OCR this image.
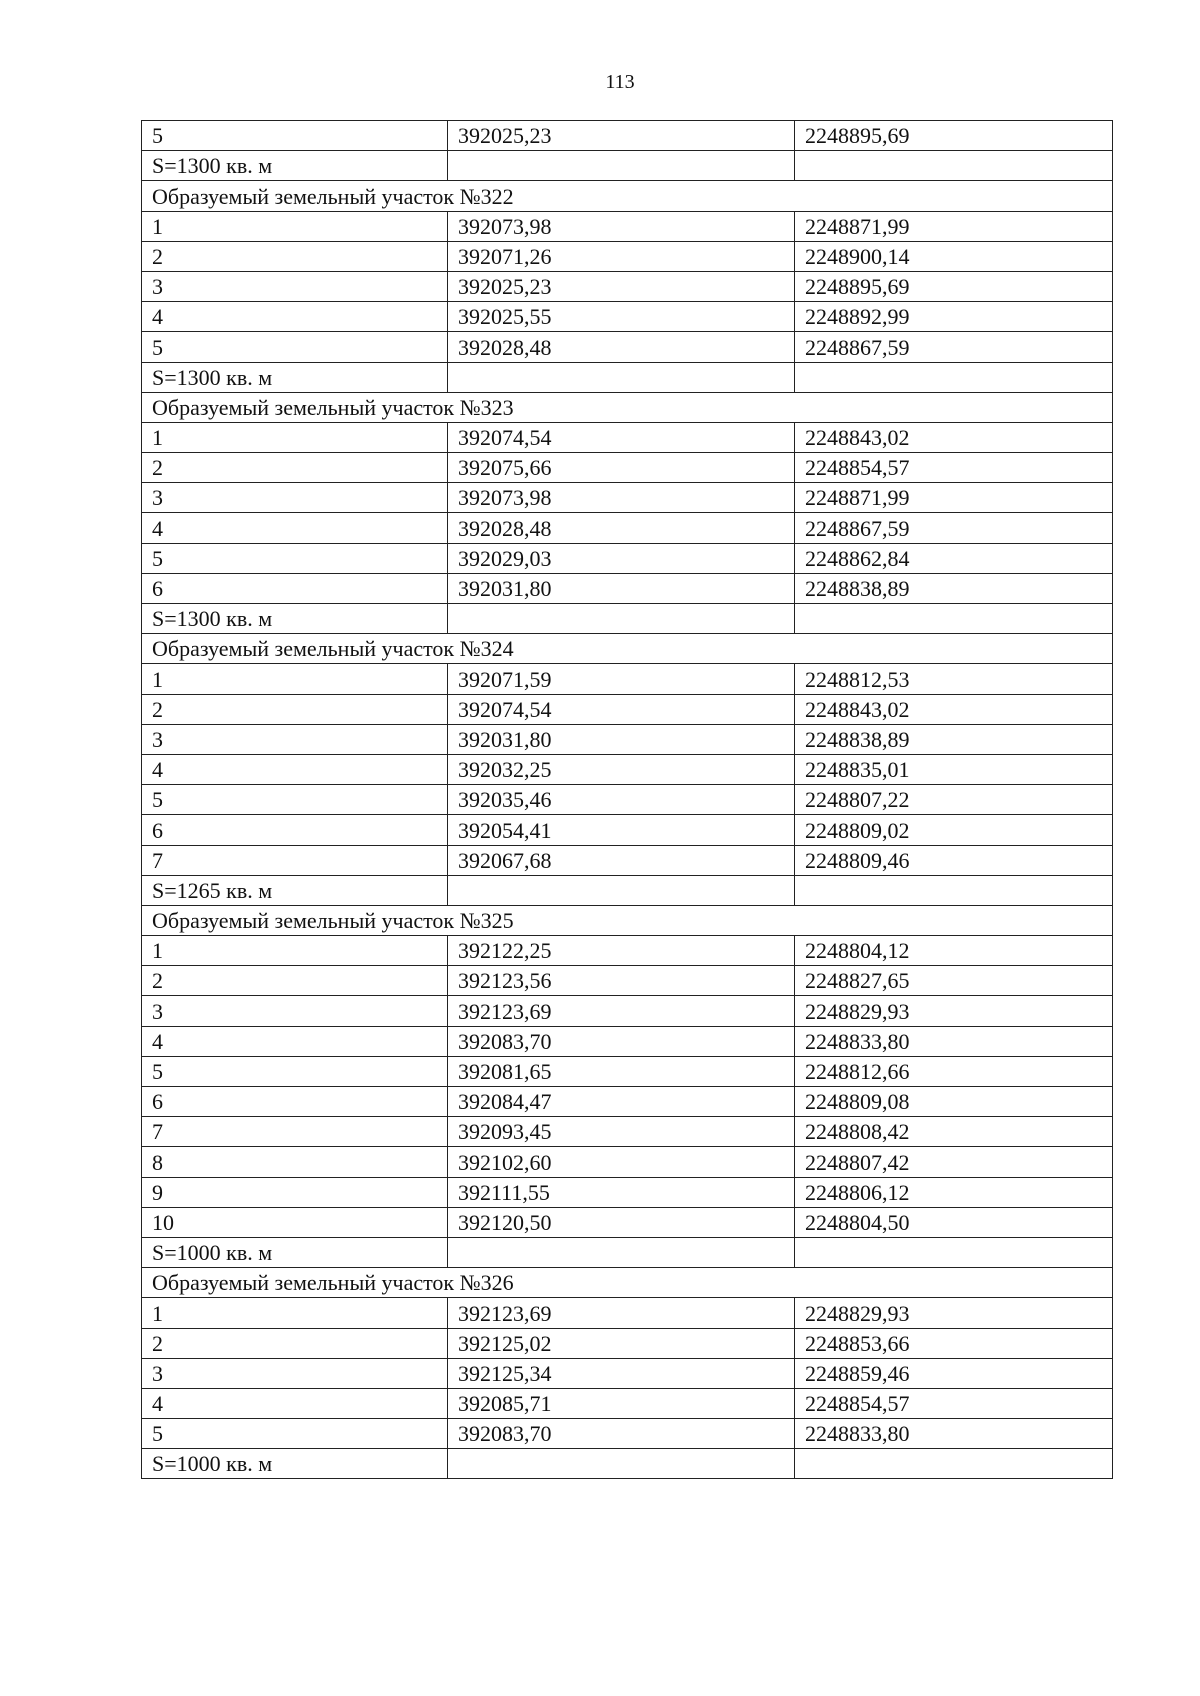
113
5	392025,23	2248895,69
S=1300 кв. м		
Образуемый земельный участок №322		
1	392073,98	2248871,99
2	392071,26	2248900,14
3	392025,23	2248895,69
4	392025,55	2248892,99
5	392028,48	2248867,59
S=1300 кв. м		
Образуемый земельный участок №323		
1	392074,54	2248843,02
2	392075,66	2248854,57
3	392073,98	2248871,99
4	392028,48	2248867,59
5	392029,03	2248862,84
6	392031,80	2248838,89
S=1300 кв. м		
Образуемый земельный участок №324		
1	392071,59	2248812,53
2	392074,54	2248843,02
3	392031,80	2248838,89
4	392032,25	2248835,01
5	392035,46	2248807,22
6	392054,41	2248809,02
7	392067,68	2248809,46
S=1265 кв. м		
Образуемый земельный участок №325		
1	392122,25	2248804,12
2	392123,56	2248827,65
3	392123,69	2248829,93
4	392083,70	2248833,80
5	392081,65	2248812,66
6	392084,47	2248809,08
7	392093,45	2248808,42
8	392102,60	2248807,42
9	392111,55	2248806,12
10	392120,50	2248804,50
S=1000 кв. м		
Образуемый земельный участок №326		
1	392123,69	2248829,93
2	392125,02	2248853,66
3	392125,34	2248859,46
4	392085,71	2248854,57
5	392083,70	2248833,80
S=1000 кв. м		
